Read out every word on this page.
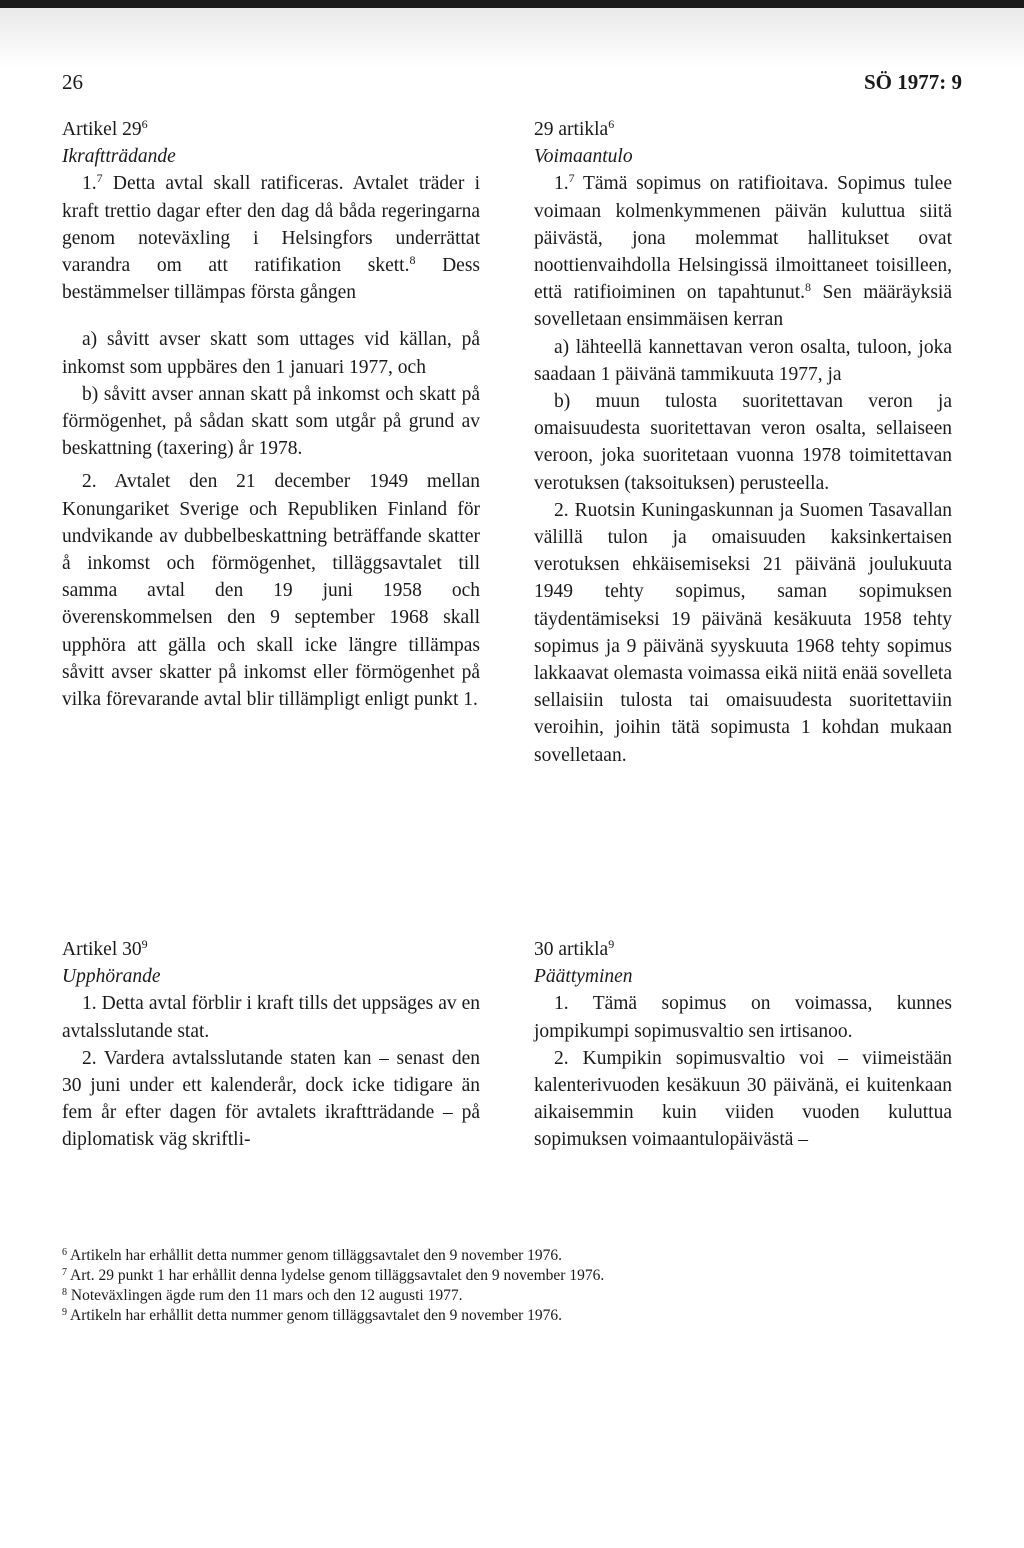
26	SÖ 1977: 9

Artikel $29^6$

Ikraftträdande

1.$^7$ Detta avtal skall ratificeras. Avtalet träder i kraft trettio dagar efter den dag då båda regeringarna genom noteväxling i Helsingfors underrättat varandra om att ratifikation skett.$^8$ Dess bestämmelser tillämpas första gången

a) såvitt avser skatt som uttages vid källan, på inkomst som uppbäres den 1 januari 1977, och

b) såvitt avser annan skatt på inkomst och skatt på förmögenhet, på sådan skatt som utgår på grund av beskattning (taxering) år 1978.

2. Avtalet den 21 december 1949 mellan Konungariket Sverige och Republiken Finland för undvikande av dubbelbeskattning beträffande skatter å inkomst och förmögenhet, tilläggsavtalet till samma avtal den 19 juni 1958 och överenskommelsen den 9 september 1968 skall upphöra att gälla och skall icke längre tillämpas såvitt avser skatter på inkomst eller förmögenhet på vilka förevarande avtal blir tillämpligt enligt punkt 1.

29 artikla$^6$

Voimaantulo

1.$^7$ Tämä sopimus on ratifioitava. Sopimus tulee voimaan kolmenkymmenen päivän kuluttua siitä päivästä, jona molemmat hallitukset ovat noottienvaihdolla Helsingissä ilmoittaneet toisilleen, että ratifioiminen on tapahtunut.$^8$ Sen määräyksiä sovelletaan ensimmäisen kerran

a) lähteellä kannettavan veron osalta, tuloon, joka saadaan 1 päivänä tammikuuta 1977, ja

b) muun tulosta suoritettavan veron ja omaisuudesta suoritettavan veron osalta, sellaiseen veroon, joka suoritetaan vuonna 1978 toimitettavan verotuksen (taksoituksen) perusteella.

2. Ruotsin Kuningaskunnan ja Suomen Tasavallan välillä tulon ja omaisuuden kaksinkertaisen verotuksen ehkäisemiseksi 21 päivänä joulukuuta 1949 tehty sopimus, saman sopimuksen täydentämiseksi 19 päivänä kesäkuuta 1958 tehty sopimus ja 9 päivänä syyskuuta 1968 tehty sopimus lakkaavat olemasta voimassa eikä niitä enää sovelleta sellaisiin tulosta tai omaisuudesta suoritettaviin veroihin, joihin tätä sopimusta 1 kohdan mukaan sovelletaan.

Artikel $30^9$

Upphörande

1. Detta avtal förblir i kraft tills det uppsäges av en avtalsslutande stat.

2. Vardera avtalsslutande staten kan – senast den 30 juni under ett kalenderår, dock icke tidigare än fem år efter dagen för avtalets ikraftträdande – på diplomatisk väg skriftli-

30 artikla$^9$

Päättyminen

1. Tämä sopimus on voimassa, kunnes jompikumpi sopimusvaltio sen irtisanoo.

2. Kumpikin sopimusvaltio voi – viimeistään kalenterivuoden kesäkuun 30 päivänä, ei kuitenkaan aikaisemmin kuin viiden vuoden kuluttua sopimuksen voimaantulopäivästä –

$^6$ Artikeln har erhållit detta nummer genom tilläggsavtalet den 9 november 1976.

$^7$ Art. 29 punkt 1 har erhållit denna lydelse genom tilläggsavtalet den 9 november 1976.

$^8$ Noteväxlingen ägde rum den 11 mars och den 12 augusti 1977.

$^9$ Artikeln har erhållit detta nummer genom tilläggsavtalet den 9 november 1976.
